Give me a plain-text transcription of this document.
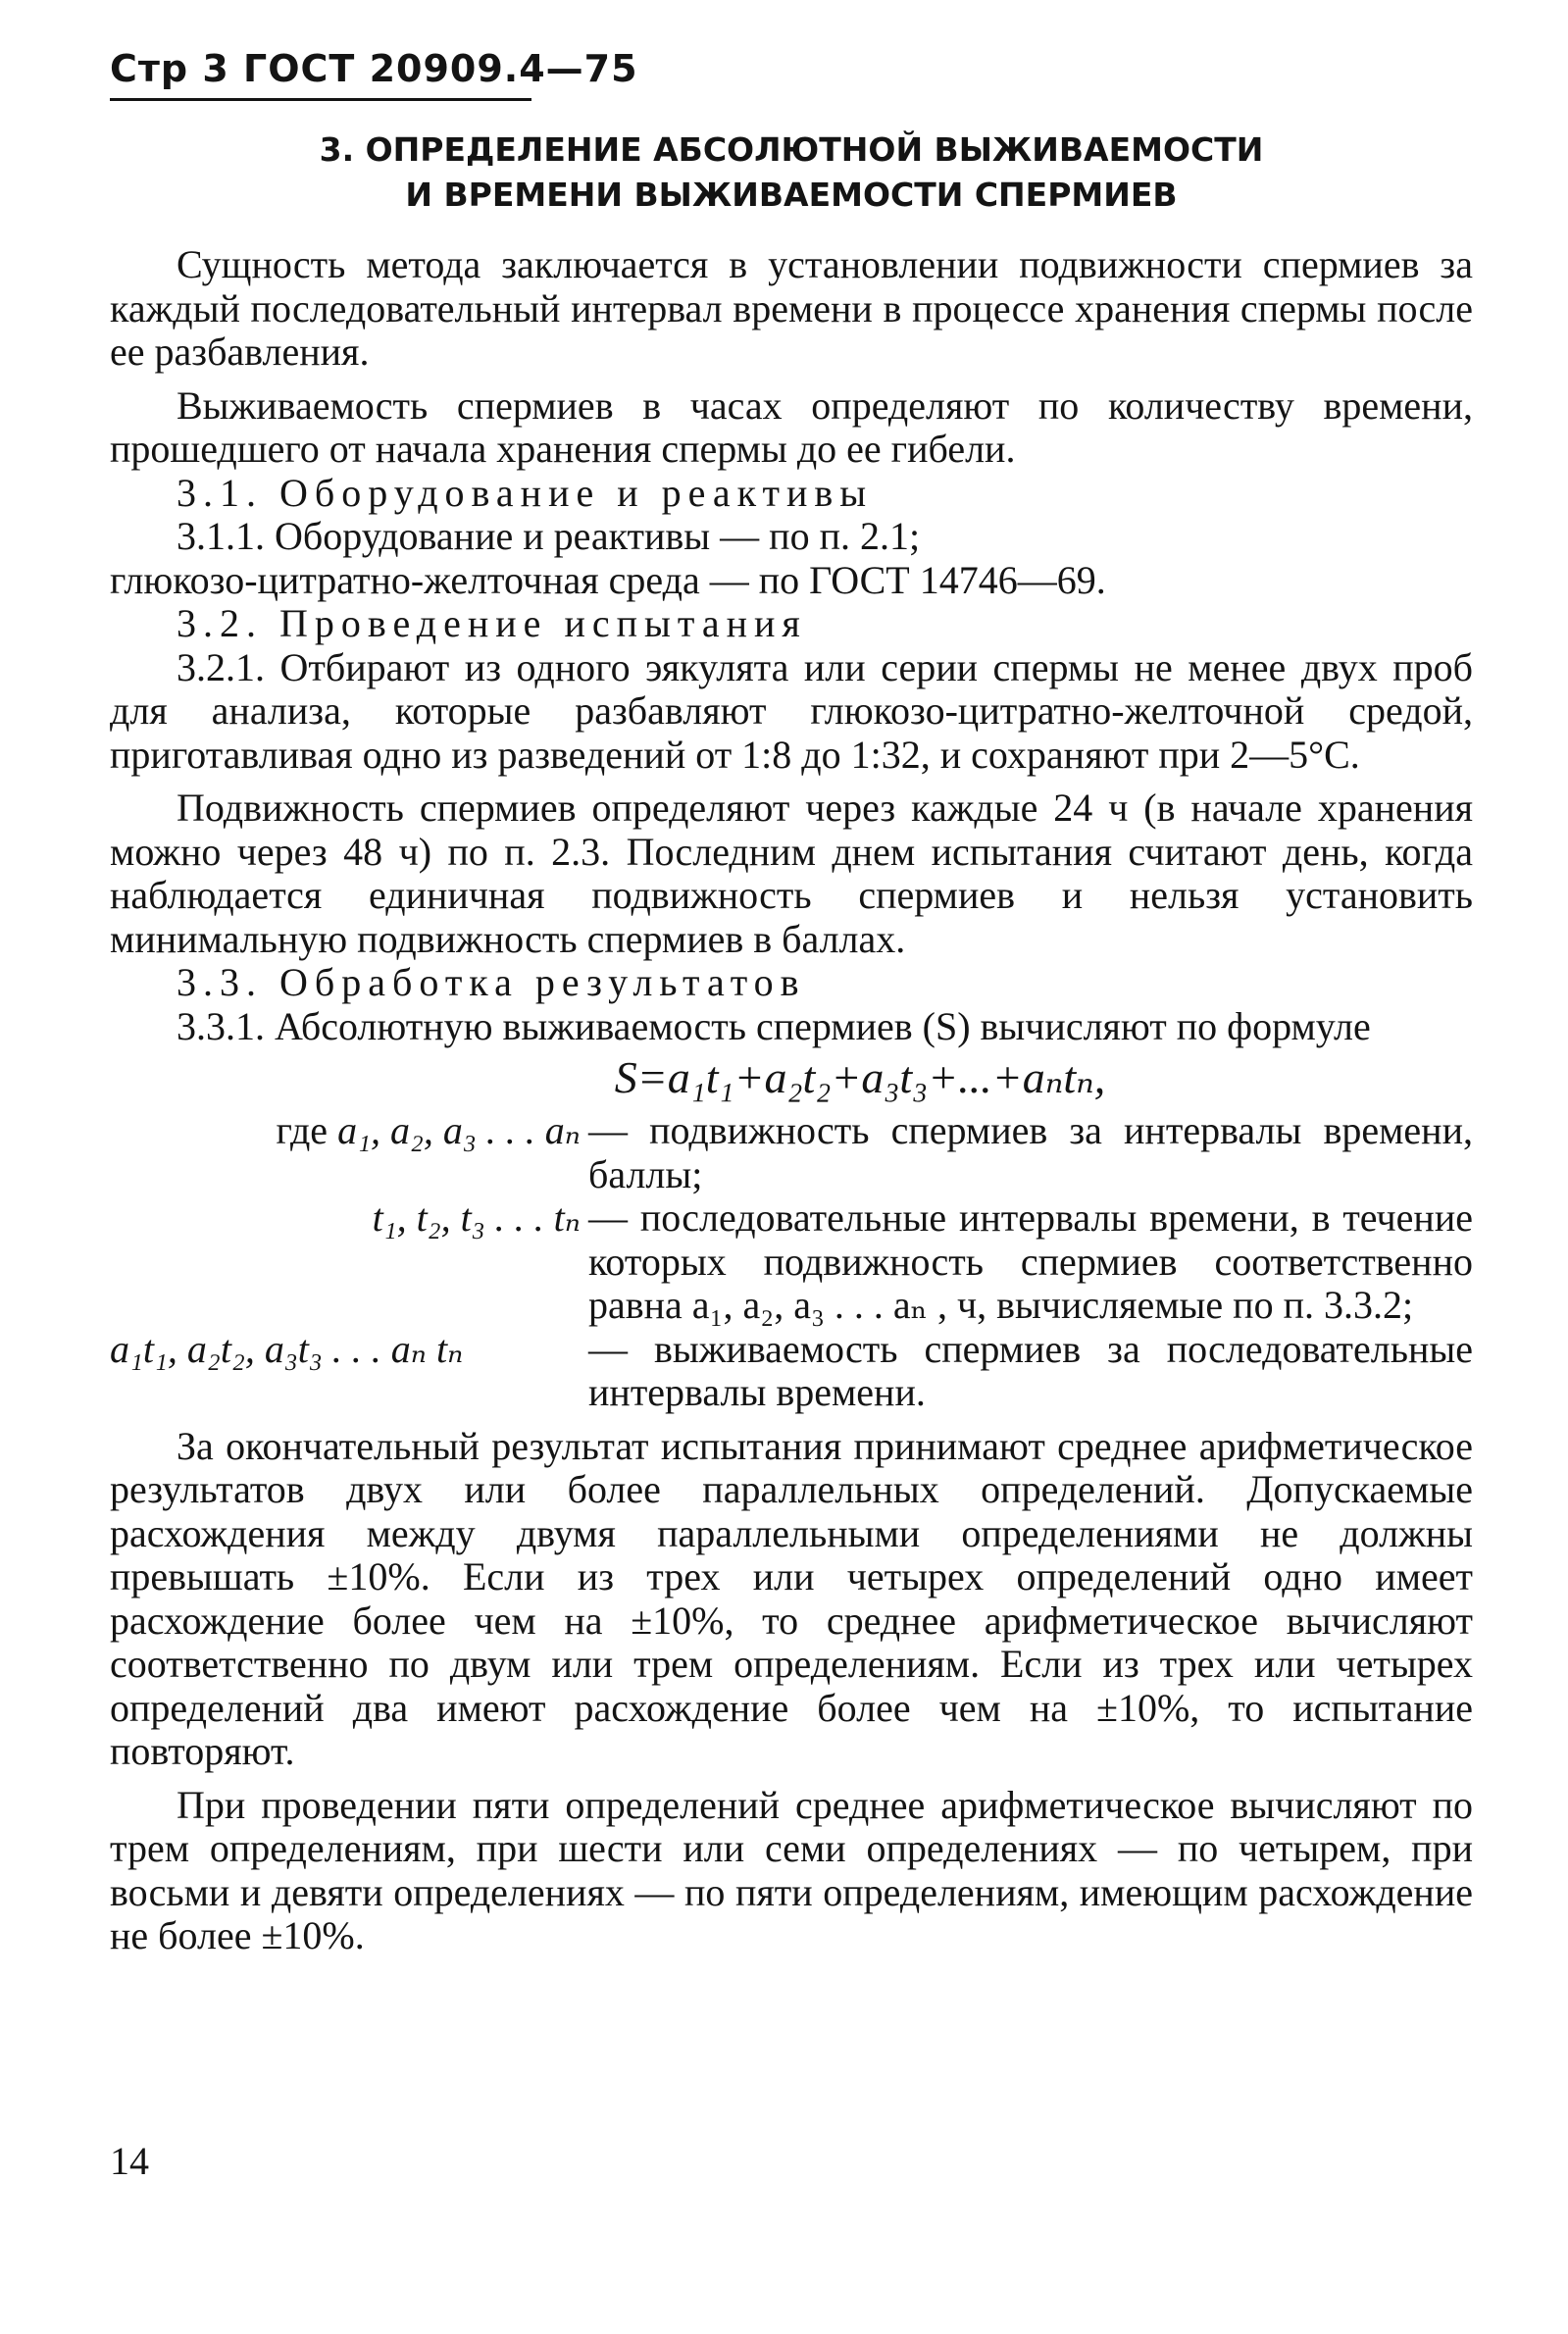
Стр 3 ГОСТ 20909.4—75
3. ОПРЕДЕЛЕНИЕ АБСОЛЮТНОЙ ВЫЖИВАЕМОСТИ
И ВРЕМЕНИ ВЫЖИВАЕМОСТИ СПЕРМИЕВ

Сущность метода заключается в установлении подвижности спермиев за каждый последовательный интервал времени в процессе хранения спермы после ее разбавления.

Выживаемость спермиев в часах определяют по количеству времени, прошедшего от начала хранения спермы до ее гибели.

3.1. Оборудование и реактивы

3.1.1. Оборудование и реактивы — по п. 2.1;

глюкозо-цитратно-желточная среда — по ГОСТ 14746—69.

3.2. Проведение испытания

3.2.1. Отбирают из одного эякулята или серии спермы не менее двух проб для анализа, которые разбавляют глюкозо-цитратно-желточной средой, приготавливая одно из разведений от 1:8 до 1:32, и сохраняют при 2—5°С.

Подвижность спермиев определяют через каждые 24 ч (в начале хранения можно через 48 ч) по п. 2.3. Последним днем испытания считают день, когда наблюдается единичная подвижность спермиев и нельзя установить минимальную подвижность спермиев в баллах.

3.3. Обработка результатов

3.3.1. Абсолютную выживаемость спермиев (S) вычисляют по формуле

S=a₁t₁+a₂t₂+a₃t₃+...+aₙtₙ,
где a₁, a₂, a₃ . . . aₙ	— подвижность спермиев за интервалы времени, баллы;
t₁, t₂, t₃ . . . tₙ	— последовательные интервалы времени, в течение которых подвижность спермиев соответственно равна a₁, a₂, a₃ . . . aₙ , ч, вычисляемые по п. 3.3.2;
a₁t₁, a₂t₂, a₃t₃ . . . aₙ tₙ	— выживаемость спермиев за последовательные интервалы времени.

За окончательный результат испытания принимают среднее арифметическое результатов двух или более параллельных определений. Допускаемые расхождения между двумя параллельными определениями не должны превышать ±10%. Если из трех или четырех определений одно имеет расхождение более чем на ±10%, то среднее арифметическое вычисляют соответственно по двум или трем определениям. Если из трех или четырех определений два имеют расхождение более чем на ±10%, то испытание повторяют.

При проведении пяти определений среднее арифметическое вычисляют по трем определениям, при шести или семи определениях — по четырем, при восьми и девяти определениях — по пяти определениям, имеющим расхождение не более ±10%.

14
